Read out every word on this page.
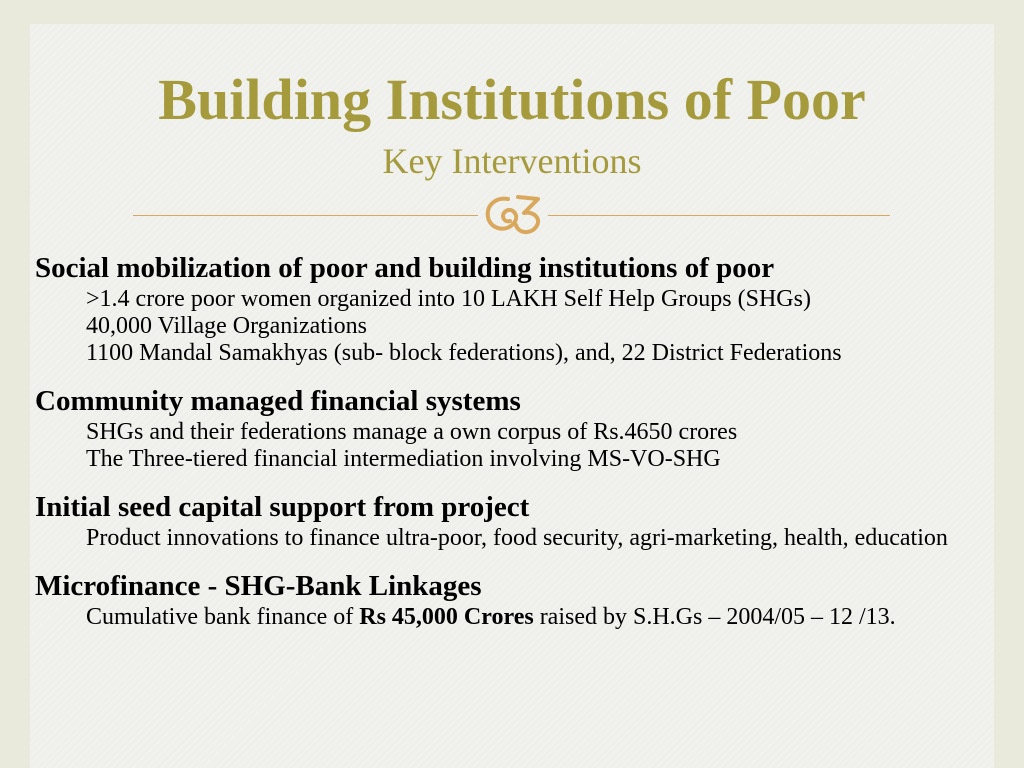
Building Institutions of Poor
Key Interventions
Social mobilization of poor and building institutions of poor
>1.4 crore poor women organized into 10 LAKH Self Help Groups (SHGs)
40,000 Village Organizations
1100 Mandal Samakhyas (sub- block federations), and, 22 District Federations
Community managed financial systems
SHGs and their federations manage a own corpus of Rs.4650 crores
The Three-tiered financial intermediation involving MS-VO-SHG
Initial seed capital support from project
Product innovations to finance ultra-poor, food security, agri-marketing, health, education
Microfinance - SHG-Bank Linkages
Cumulative bank finance of Rs 45,000 Crores raised by S.H.Gs – 2004/05 – 12 /13.
